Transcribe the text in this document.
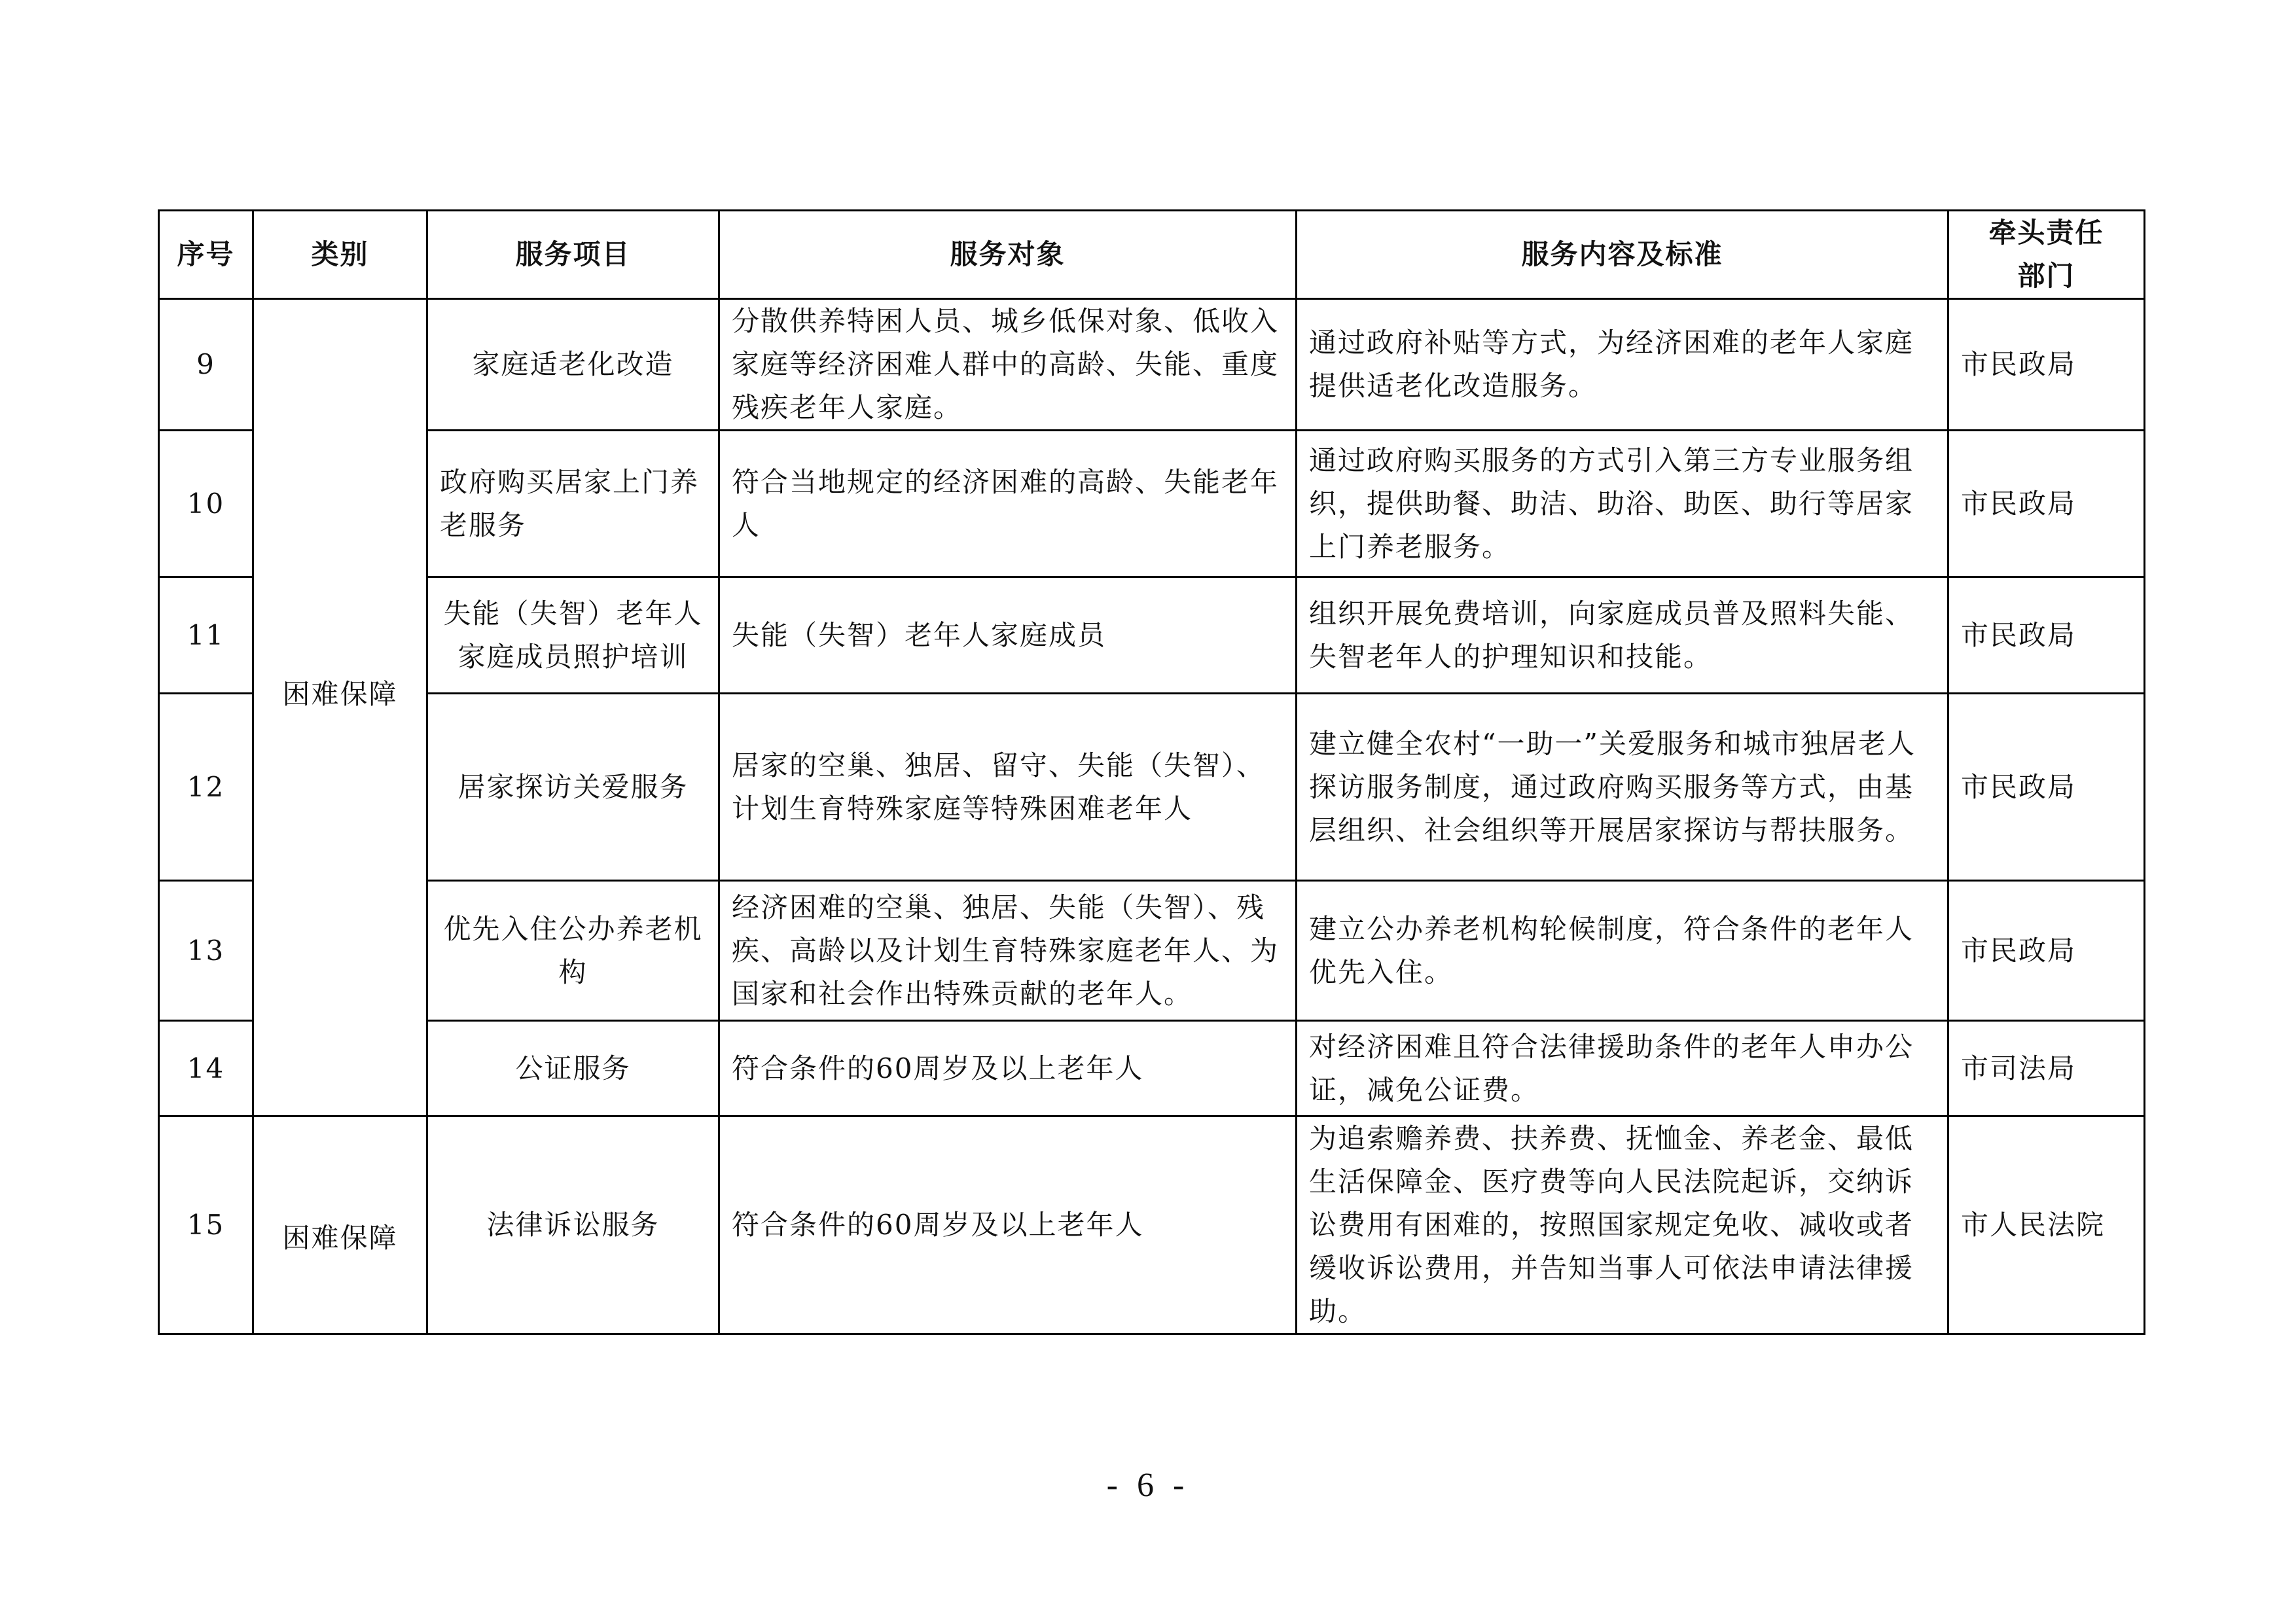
序号	类别	服务项目	服务对象	服务内容及标准	牵头责任
部门

9	困难保障	家庭适老化改造	分散供养特困人员、城乡低保对象、低收入家庭等经济困难人群中的高龄、失能、重度残疾老年人家庭。	通过政府补贴等方式，为经济困难的老年人家庭提供适老化改造服务。	市民政局
10		政府购买居家上门养老服务	符合当地规定的经济困难的高龄、失能老年人	通过政府购买服务的方式引入第三方专业服务组织，提供助餐、助洁、助浴、助医、助行等居家上门养老服务。	市民政局
11		失能（失智）老年人家庭成员照护培训	失能（失智）老年人家庭成员	组织开展免费培训，向家庭成员普及照料失能、失智老年人的护理知识和技能。	市民政局
12		居家探访关爱服务	居家的空巢、独居、留守、失能（失智）、计划生育特殊家庭等特殊困难老年人	建立健全农村“一助一”关爱服务和城市独居老人探访服务制度，通过政府购买服务等方式，由基层组织、社会组织等开展居家探访与帮扶服务。	市民政局
13		优先入住公办养老机构	经济困难的空巢、独居、失能（失智）、残疾、高龄以及计划生育特殊家庭老年人、为国家和社会作出特殊贡献的老年人。	建立公办养老机构轮候制度，符合条件的老年人优先入住。	市民政局
14		公证服务	符合条件的60周岁及以上老年人	对经济困难且符合法律援助条件的老年人申办公证，减免公证费。	市司法局
15	困难保障	法律诉讼服务	符合条件的60周岁及以上老年人	为追索赡养费、扶养费、抚恤金、养老金、最低生活保障金、医疗费等向人民法院起诉，交纳诉讼费用有困难的，按照国家规定免收、减收或者缓收诉讼费用，并告知当事人可依法申请法律援助。	市人民法院
- 6 -
